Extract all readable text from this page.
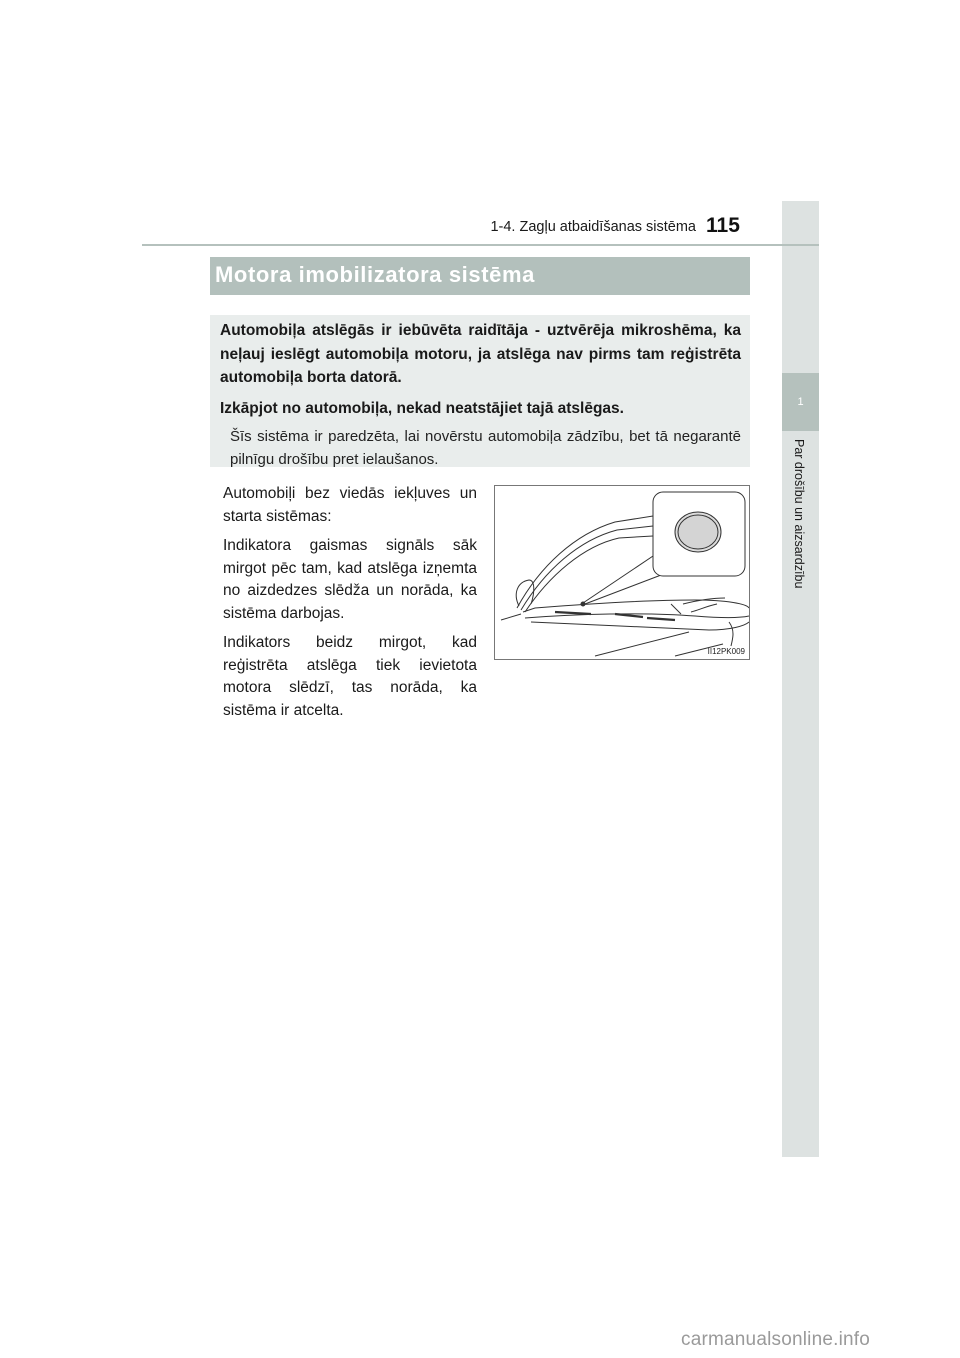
1
Par drošību un aizsardzību
1-4. Zagļu atbaidīšanas sistēma 115
Motora imobilizatora sistēma

Automobiļa atslēgās ir iebūvēta raidītāja - uztvērēja mikroshēma, ka neļauj ieslēgt automobiļa motoru, ja atslēga nav pirms tam reģistrēta automobiļa borta datorā.

Izkāpjot no automobiļa, nekad neatstājiet tajā atslēgas.

Šīs sistēma ir paredzēta, lai novērstu automobiļa zādzību, bet tā negarantē pilnīgu drošību pret ielaušanos.

Automobiļi bez viedās iekļuves un starta sistēmas:

Indikatora gaismas signāls sāk mirgot pēc tam, kad atslēga izņemta no aizdedzes slēdža un norāda, ka sistēma darbojas.

Indikators beidz mirgot, kad reģistrēta atslēga tiek ievietota motora slēdzī, tas norāda, ka sistēma ir atcelta.

II12PK009
carmanualsonline.info
